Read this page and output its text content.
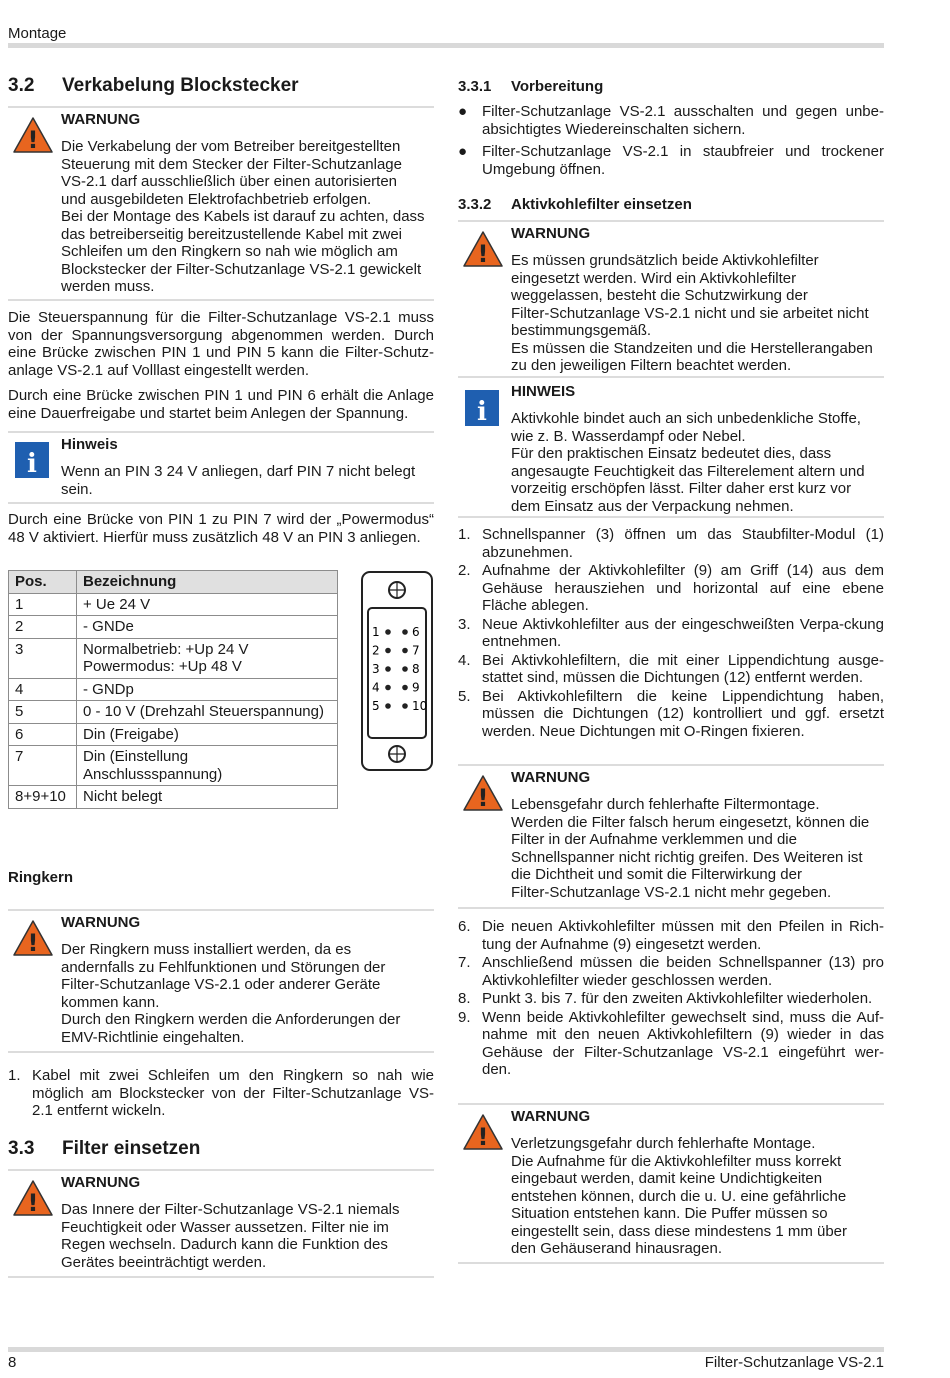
Montage
8	Filter-Schutzanlage VS-2.1
3.2	Verkabelung Blockstecker
!
WARNUNG
Die Verkabelung der vom Betreiber bereitgestellten
Steuerung mit dem Stecker der Filter-Schutzanlage
VS-2.1 darf ausschließlich über einen autorisierten
und ausgebildeten Elektrofachbetrieb erfolgen.
Bei der Montage des Kabels ist darauf zu achten, dass
das betreiberseitig bereitzustellende Kabel mit zwei
Schleifen um den Ringkern so nah wie möglich am
Blockstecker der Filter-Schutzanlage VS-2.1 gewickelt
werden muss.
Die Steuerspannung für die Filter-Schutzanlage VS-2.1 muss von der Spannungsversorgung abgenommen werden. Durch eine Brücke zwischen PIN 1 und PIN 5 kann die Filter-Schutz-anlage VS-2.1 auf Volllast eingestellt werden.
Durch eine Brücke zwischen PIN 1 und PIN 6 erhält die Anlage eine Dauerfreigabe und startet beim Anlegen der Spannung.
i
Hinweis
Wenn an PIN 3 24 V anliegen, darf PIN 7 nicht belegt
sein.
Durch eine Brücke von PIN 1 zu PIN 7 wird der „Powermodus“ 48 V aktiviert. Hierfür muss zusätzlich 48 V an PIN 3 anliegen.
Pos.	Bezeichnung
1	+ Ue 24 V
2	- GNDe
3	Normalbetrieb: +Up 24 V
Powermodus: +Up 48 V
4	- GNDp
5	0 - 10 V (Drehzahl Steuerspannung)
6	Din (Freigabe)
7	Din (Einstellung
Anschlussspannung)
8+9+10	Nicht belegt
1	6
2	7
3	8
4	9
5	10
Ringkern
!
WARNUNG
Der Ringkern muss installiert werden, da es
andernfalls zu Fehlfunktionen und Störungen der
Filter-Schutzanlage VS-2.1 oder anderer Geräte
kommen kann.
Durch den Ringkern werden die Anforderungen der
EMV-Richtlinie eingehalten.
1. Kabel mit zwei Schleifen um den Ringkern so nah wie möglich am Blockstecker von der Filter-Schutzanlage VS-2.1 entfernt wickeln.
3.3	Filter einsetzen
!
WARNUNG
Das Innere der Filter-Schutzanlage VS-2.1 niemals
Feuchtigkeit oder Wasser aussetzen. Filter nie im
Regen wechseln. Dadurch kann die Funktion des
Gerätes beeinträchtigt werden.
3.3.1	Vorbereitung
● Filter-Schutzanlage VS-2.1 ausschalten und gegen unbe-absichtigtes Wiedereinschalten sichern.
● Filter-Schutzanlage VS-2.1 in staubfreier und trockener Umgebung öffnen.
3.3.2	Aktivkohlefilter einsetzen
!
WARNUNG
Es müssen grundsätzlich beide Aktivkohlefilter
eingesetzt werden. Wird ein Aktivkohlefilter
weggelassen, besteht die Schutzwirkung der
Filter-Schutzanlage VS-2.1 nicht und sie arbeitet nicht
bestimmungsgemäß.
Es müssen die Standzeiten und die Herstellerangaben
zu den jeweiligen Filtern beachtet werden.
i
HINWEIS
Aktivkohle bindet auch an sich unbedenkliche Stoffe,
wie z. B. Wasserdampf oder Nebel.
Für den praktischen Einsatz bedeutet dies, dass
angesaugte Feuchtigkeit das Filterelement altern und
vorzeitig erschöpfen lässt. Filter daher erst kurz vor
dem Einsatz aus der Verpackung nehmen.
1. Schnellspanner (3) öffnen um das Staubfilter-Modul (1) abzunehmen.
2. Aufnahme der Aktivkohlefilter (9) am Griff (14) aus dem Gehäuse herausziehen und horizontal auf eine ebene Fläche ablegen.
3. Neue Aktivkohlefilter aus der eingeschweißten Verpa-ckung entnehmen.
4. Bei Aktivkohlefiltern, die mit einer Lippendichtung ausge-stattet sind, müssen die Dichtungen (12) entfernt werden.
5. Bei Aktivkohlefiltern die keine Lippendichtung haben, müssen die Dichtungen (12) kontrolliert und ggf. ersetzt werden. Neue Dichtungen mit O-Ringen fixieren.
!
WARNUNG
Lebensgefahr durch fehlerhafte Filtermontage.
Werden die Filter falsch herum eingesetzt, können die
Filter in der Aufnahme verklemmen und die
Schnellspanner nicht richtig greifen. Des Weiteren ist
die Dichtheit und somit die Filterwirkung der
Filter-Schutzanlage VS-2.1 nicht mehr gegeben.
6. Die neuen Aktivkohlefilter müssen mit den Pfeilen in Rich-tung der Aufnahme (9) eingesetzt werden.
7. Anschließend müssen die beiden Schnellspanner (13) pro Aktivkohlefilter wieder geschlossen werden.
8. Punkt 3. bis 7. für den zweiten Aktivkohlefilter wiederholen.
9. Wenn beide Aktivkohlefilter gewechselt sind, muss die Auf-nahme mit den neuen Aktivkohlefiltern (9) wieder in das Gehäuse der Filter-Schutzanlage VS-2.1 eingeführt wer-den.
!
WARNUNG
Verletzungsgefahr durch fehlerhafte Montage.
Die Aufnahme für die Aktivkohlefilter muss korrekt
eingebaut werden, damit keine Undichtigkeiten
entstehen können, durch die u. U. eine gefährliche
Situation entstehen kann. Die Puffer müssen so
eingestellt sein, dass diese mindestens 1 mm über
den Gehäuserand hinausragen.
